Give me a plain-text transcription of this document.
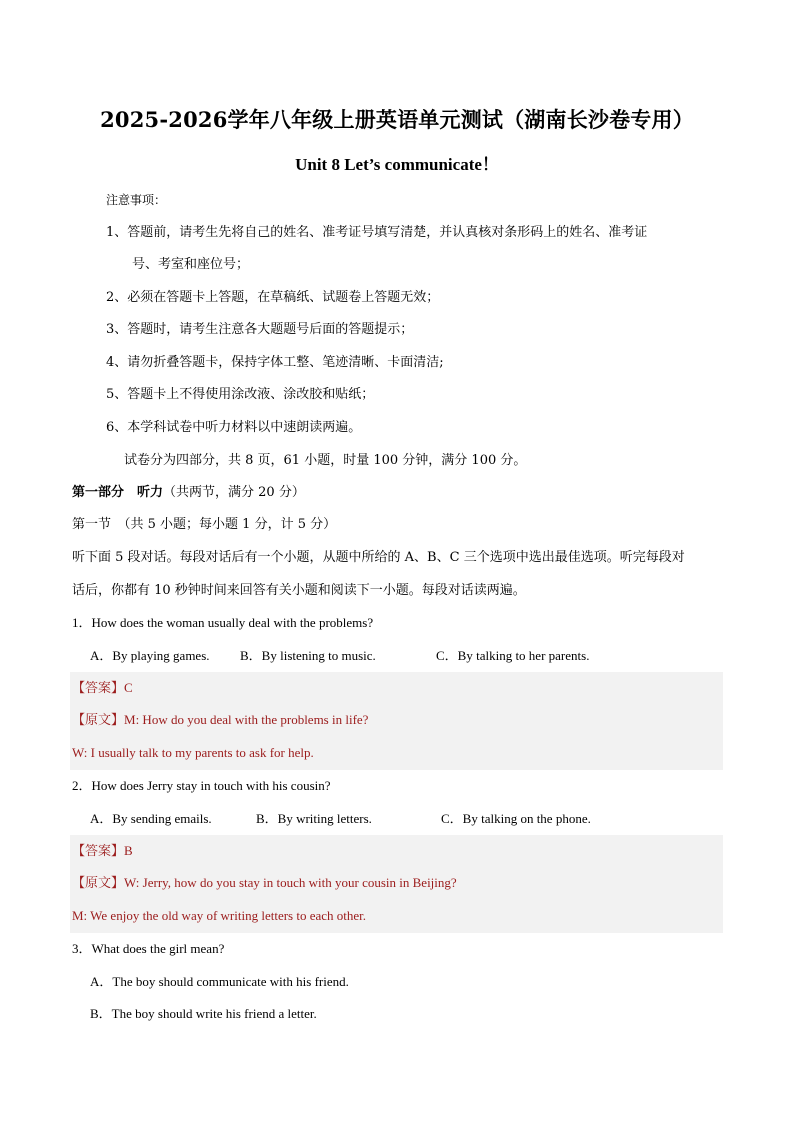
2025-2026学年八年级上册英语单元测试（湖南长沙卷专用）
Unit 8 Let’s communicate！
注意事项：
1、答题前，请考生先将自己的姓名、准考证号填写清楚，并认真核对条形码上的姓名、准考证
号、考室和座位号；
2、必须在答题卡上答题，在草稿纸、试题卷上答题无效；
3、答题时，请考生注意各大题题号后面的答题提示；
4、请勿折叠答题卡，保持字体工整、笔迹清晰、卡面清洁;
5、答题卡上不得使用涂改液、涂改胶和贴纸；
6、本学科试卷中听力材料以中速朗读两遍。
试卷分为四部分，共 8 页，61 小题，时量 100 分钟，满分 100 分。
第一部分　听力（共两节，满分 20 分）
第一节　（共 5 小题；每小题 1 分，计 5 分）
听下面 5 段对话。每段对话后有一个小题，从题中所给的 A、B、C 三个选项中选出最佳选项。听完每段对
话后，你都有 10 秒钟时间来回答有关小题和阅读下一小题。每段对话读两遍。
1．How does the woman usually deal with the problems?
A．By playing games. B．By listening to music.	C．By talking to her parents.
【答案】C
【原文】M: How do you deal with the problems in life?
W: I usually talk to my parents to ask for help.
2．How does Jerry stay in touch with his cousin?
A．By sending emails.	B．By writing letters.	C．By talking on the phone.
【答案】B
【原文】W: Jerry, how do you stay in touch with your cousin in Beijing?
M: We enjoy the old way of writing letters to each other.
3．What does the girl mean?
A．The boy should communicate with his friend.
B．The boy should write his friend a letter.
